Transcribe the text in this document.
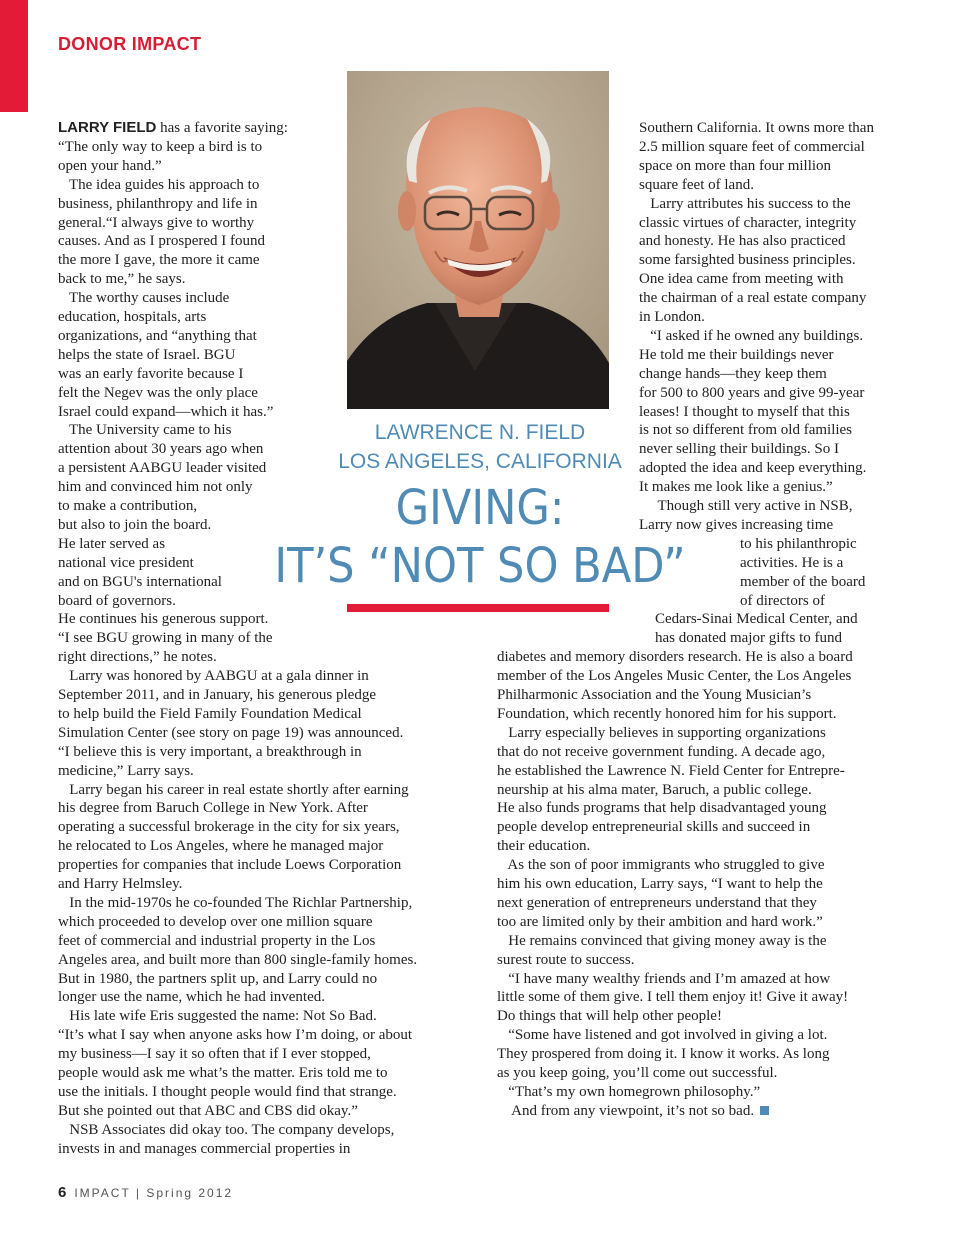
DONOR IMPACT
LAWRENCE N. FIELD
LOS ANGELES, CALIFORNIA
GIVING:
IT’S “NOT SO BAD”
LARRY FIELD has a favorite saying:
“The only way to keep a bird is to
open your hand.”
The idea guides his approach to
business, philanthropy and life in
general.“I always give to worthy
causes. And as I prospered I found
the more I gave, the more it came
back to me,” he says.
The worthy causes include
education, hospitals, arts
organizations, and “anything that
helps the state of Israel. BGU
was an early favorite because I
felt the Negev was the only place
Israel could expand—which it has.”
The University came to his
attention about 30 years ago when
a persistent AABGU leader visited
him and convinced him not only
to make a contribution,
but also to join the board.
He later served as
national vice president
and on BGU's international
board of governors.
He continues his generous support.
“I see BGU growing in many of the
right directions,” he notes.
Larry was honored by AABGU at a gala dinner in
September 2011, and in January, his generous pledge
to help build the Field Family Foundation Medical
Simulation Center (see story on page 19) was announced.
“I believe this is very important, a breakthrough in
medicine,” Larry says.
Larry began his career in real estate shortly after earning
his degree from Baruch College in New York. After
operating a successful brokerage in the city for six years,
he relocated to Los Angeles, where he managed major
properties for companies that include Loews Corporation
and Harry Helmsley.
In the mid-1970s he co-founded The Richlar Partnership,
which proceeded to develop over one million square
feet of commercial and industrial property in the Los
Angeles area, and built more than 800 single-family homes.
But in 1980, the partners split up, and Larry could no
longer use the name, which he had invented.
His late wife Eris suggested the name: Not So Bad.
“It’s what I say when anyone asks how I’m doing, or about
my business—I say it so often that if I ever stopped,
people would ask me what’s the matter. Eris told me to
use the initials. I thought people would find that strange.
But she pointed out that ABC and CBS did okay.”
NSB Associates did okay too. The company develops,
invests in and manages commercial properties in
Southern California. It owns more than
2.5 million square feet of commercial
space on more than four million
square feet of land.
Larry attributes his success to the
classic virtues of character, integrity
and honesty. He has also practiced
some farsighted business principles.
One idea came from meeting with
the chairman of a real estate company
in London.
“I asked if he owned any buildings.
He told me their buildings never
change hands—they keep them
for 500 to 800 years and give 99-year
leases! I thought to myself that this
is not so different from old families
never selling their buildings. So I
adopted the idea and keep everything.
It makes me look like a genius.”
Though still very active in NSB,
Larry now gives increasing time
to his philanthropic
activities. He is a
member of the board
of directors of
Cedars-Sinai Medical Center, and
has donated major gifts to fund
diabetes and memory disorders research. He is also a board
member of the Los Angeles Music Center, the Los Angeles
Philharmonic Association and the Young Musician’s
Foundation, which recently honored him for his support.
Larry especially believes in supporting organizations
that do not receive government funding. A decade ago,
he established the Lawrence N. Field Center for Entrepre-
neurship at his alma mater, Baruch, a public college.
He also funds programs that help disadvantaged young
people develop entrepreneurial skills and succeed in
their education.
As the son of poor immigrants who struggled to give
him his own education, Larry says, “I want to help the
next generation of entrepreneurs understand that they
too are limited only by their ambition and hard work.”
He remains convinced that giving money away is the
surest route to success.
“I have many wealthy friends and I’m amazed at how
little some of them give. I tell them enjoy it! Give it away!
Do things that will help other people!
“Some have listened and got involved in giving a lot.
They prospered from doing it. I know it works. As long
as you keep going, you’ll come out successful.
“That’s my own homegrown philosophy.”
And from any viewpoint, it’s not so bad.
6 IMPACT | Spring 2012
